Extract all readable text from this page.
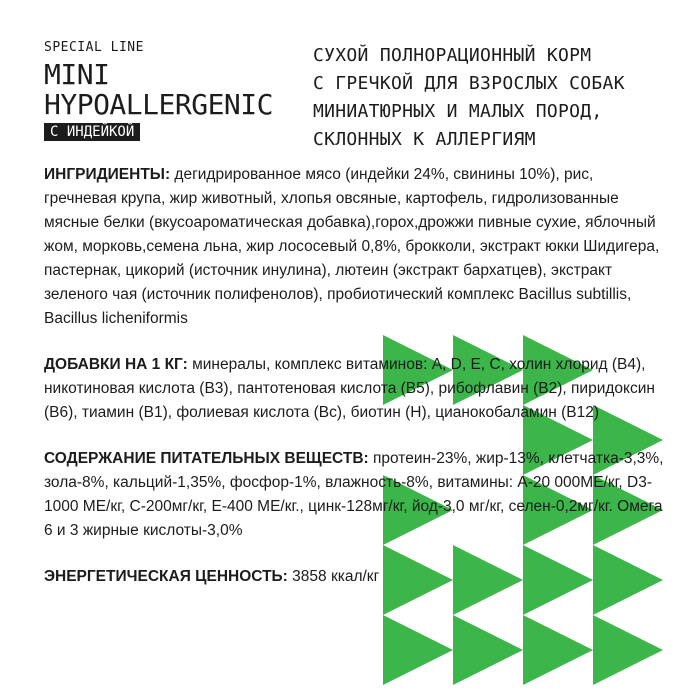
SPECIAL LINE
MINI
HYPOALLERGENIC
С ИНДЕЙКОЙ
СУХОЙ ПОЛНОРАЦИОННЫЙ КОРМ
С ГРЕЧКОЙ ДЛЯ ВЗРОСЛЫХ СОБАК
МИНИАТЮРНЫХ И МАЛЫХ ПОРОД,
СКЛОННЫХ К АЛЛЕРГИЯМ

ИНГРИДИЕНТЫ: дегидрированное мясо (индейки 24%, свинины 10%), рис, гречневая крупа, жир животный, хлопья овсяные, картофель, гидролизованные мясные белки (вкусоароматическая добавка),горох,дрожжи пивные сухие, яблочный жом, морковь,семена льна, жир лососевый 0,8%, брокколи, экстракт юкки Шидигера, пастернак, цикорий (источник инулина), лютеин (экстракт бархатцев), экстракт зеленого чая (источник полифенолов), пробиотический комплекс Bacillus subtillis, Bacillus licheniformis

ДОБАВКИ НА 1 КГ: минералы, комплекс витаминов: А, D, E, C, холин хлорид (В4), никотиновая кислота (В3), пантотеновая кислота (В5), рибофлавин (В2), пиридоксин (В6), тиамин (В1), фолиевая кислота (Вс), биотин (Н), цианокобаламин (В12)

СОДЕРЖАНИЕ ПИТАТЕЛЬНЫХ ВЕЩЕСТВ: протеин-23%, жир-13%, клетчатка-3,3%, зола-8%, кальций-1,35%, фосфор-1%, влажность-8%, витамины: А-20 000МЕ/кг, D3-1000 МЕ/кг, С-200мг/кг, Е-400 МЕ/кг., цинк-128мг/кг, йод-3,0 мг/кг, селен-0,2мг/кг. Омега 6 и 3 жирные кислоты-3,0%

ЭНЕРГЕТИЧЕСКАЯ ЦЕННОСТЬ: 3858 ккал/кг
